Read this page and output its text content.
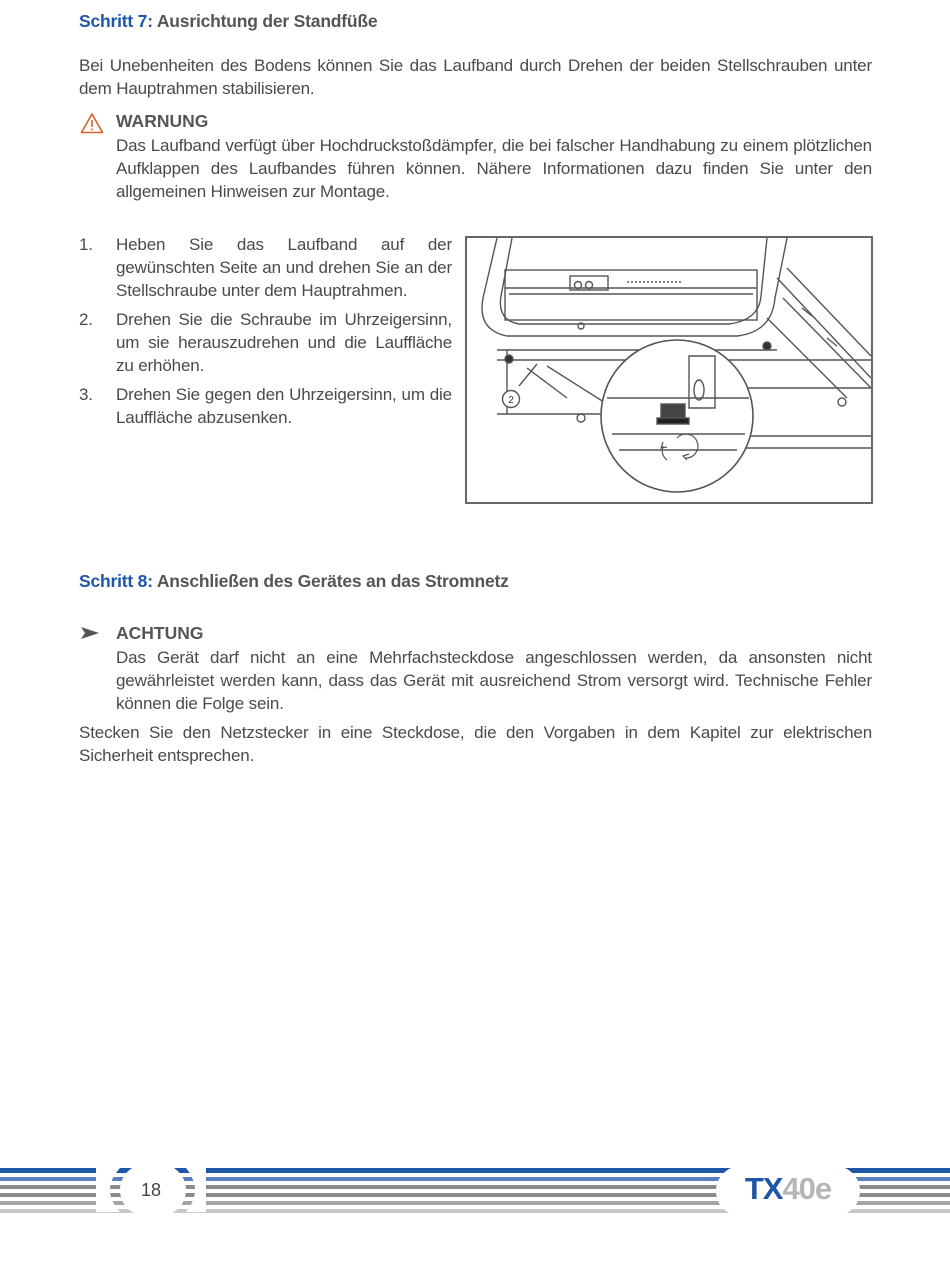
Schritt 7: Ausrichtung der Standfüße
Bei Unebenheiten des Bodens können Sie das Laufband durch Drehen der beiden Stellschrauben unter dem Hauptrahmen stabilisieren.
WARNUNG
Das Laufband verfügt über Hochdruckstoßdämpfer, die bei falscher Handhabung zu einem plötzlichen Aufklappen des Laufbandes führen können. Nähere Informationen dazu finden Sie unter den allgemeinen Hinweisen zur Montage.
1. Heben Sie das Laufband auf der gewünschten Seite an und drehen Sie an der Stellschraube unter dem Hauptrahmen.
2. Drehen Sie die Schraube im Uhrzeigersinn, um sie herauszudrehen und die Lauffläche zu erhöhen.
3. Drehen Sie gegen den Uhrzeigersinn, um die Lauffläche abzusenken.
2
Schritt 8: Anschließen des Gerätes an das Stromnetz
ACHTUNG
Das Gerät darf nicht an eine Mehrfachsteckdose angeschlossen werden, da ansonsten nicht gewährleistet werden kann, dass das Gerät mit ausreichend Strom versorgt wird. Technische Fehler können die Folge sein.
Stecken Sie den Netzstecker in eine Steckdose, die den Vorgaben in dem Kapitel zur elektrischen Sicherheit entsprechen.
18	TX40e
